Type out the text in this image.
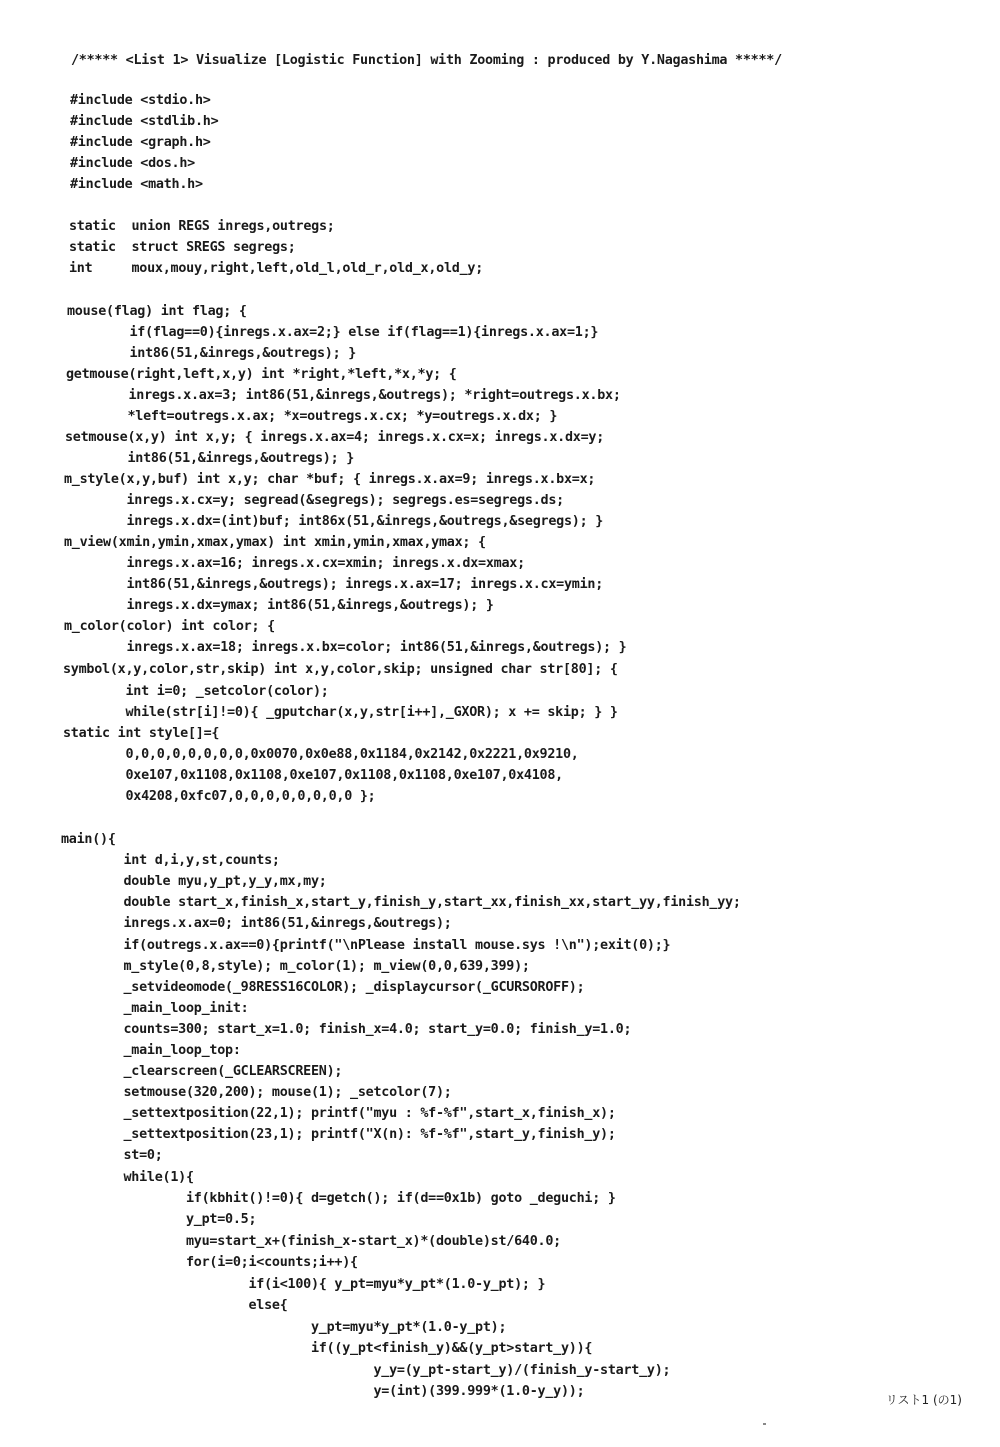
/***** <List 1> Visualize [Logistic Function] with Zooming : produced by Y.Nagashima *****/
#include <stdio.h>
#include <stdlib.h>
#include <graph.h>
#include <dos.h>
#include <math.h>
static  union REGS inregs,outregs;
static  struct SREGS segregs;
int     moux,mouy,right,left,old_l,old_r,old_x,old_y;
mouse(flag) int flag; {
if(flag==0){inregs.x.ax=2;} else if(flag==1){inregs.x.ax=1;}
int86(51,&inregs,&outregs); }
getmouse(right,left,x,y) int *right,*left,*x,*y; {
inregs.x.ax=3; int86(51,&inregs,&outregs); *right=outregs.x.bx;
*left=outregs.x.ax; *x=outregs.x.cx; *y=outregs.x.dx; }
setmouse(x,y) int x,y; { inregs.x.ax=4; inregs.x.cx=x; inregs.x.dx=y;
int86(51,&inregs,&outregs); }
m_style(x,y,buf) int x,y; char *buf; { inregs.x.ax=9; inregs.x.bx=x;
inregs.x.cx=y; segread(&segregs); segregs.es=segregs.ds;
inregs.x.dx=(int)buf; int86x(51,&inregs,&outregs,&segregs); }
m_view(xmin,ymin,xmax,ymax) int xmin,ymin,xmax,ymax; {
inregs.x.ax=16; inregs.x.cx=xmin; inregs.x.dx=xmax;
int86(51,&inregs,&outregs); inregs.x.ax=17; inregs.x.cx=ymin;
inregs.x.dx=ymax; int86(51,&inregs,&outregs); }
m_color(color) int color; {
inregs.x.ax=18; inregs.x.bx=color; int86(51,&inregs,&outregs); }
symbol(x,y,color,str,skip) int x,y,color,skip; unsigned char str[80]; {
int i=0; _setcolor(color);
while(str[i]!=0){ _gputchar(x,y,str[i++],_GXOR); x += skip; } }
static int style[]={
0,0,0,0,0,0,0,0,0x0070,0x0e88,0x1184,0x2142,0x2221,0x9210,
0xe107,0x1108,0x1108,0xe107,0x1108,0x1108,0xe107,0x4108,
0x4208,0xfc07,0,0,0,0,0,0,0,0 };
main(){
int d,i,y,st,counts;
double myu,y_pt,y_y,mx,my;
double start_x,finish_x,start_y,finish_y,start_xx,finish_xx,start_yy,finish_yy;
inregs.x.ax=0; int86(51,&inregs,&outregs);
if(outregs.x.ax==0){printf("\nPlease install mouse.sys !\n");exit(0);}
m_style(0,8,style); m_color(1); m_view(0,0,639,399);
_setvideomode(_98RESS16COLOR); _displaycursor(_GCURSOROFF);
_main_loop_init:
counts=300; start_x=1.0; finish_x=4.0; start_y=0.0; finish_y=1.0;
_main_loop_top:
_clearscreen(_GCLEARSCREEN);
setmouse(320,200); mouse(1); _setcolor(7);
_settextposition(22,1); printf("myu : %f-%f",start_x,finish_x);
_settextposition(23,1); printf("X(n): %f-%f",start_y,finish_y);
st=0;
while(1){
if(kbhit()!=0){ d=getch(); if(d==0x1b) goto _deguchi; }
y_pt=0.5;
myu=start_x+(finish_x-start_x)*(double)st/640.0;
for(i=0;i<counts;i++){
if(i<100){ y_pt=myu*y_pt*(1.0-y_pt); }
else{
y_pt=myu*y_pt*(1.0-y_pt);
if((y_pt<finish_y)&&(y_pt>start_y)){
y_y=(y_pt-start_y)/(finish_y-start_y);
y=(int)(399.999*(1.0-y_y));
リスト1 (の1)
